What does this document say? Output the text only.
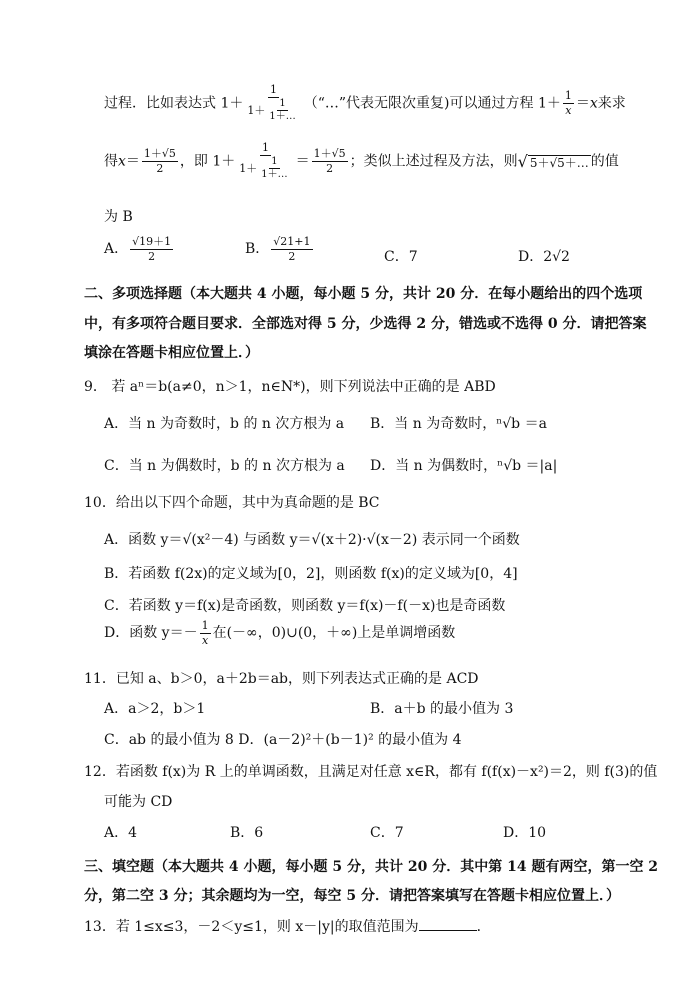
过程．比如表达式 $1+ \frac{1}{1+ \frac{1}{1+\dots}}$ （“…”代表无限次重复)可以通过方程 $1+ \frac{1}{x} =x$来求
得$x= \frac{1+√5}{2}$ ，即 $1+ \frac{1}{1+ \frac{1}{1+\dots}} = \frac{1+√5}{2}$ ；类似上述过程及方法，则√ 5＋√5＋… 的值
为 B
A． $\frac{√19+1}{2}$	B． $\frac{√21+1}{2}$	C．7	D．2√2
二、多项选择题（本大题共 4 小题，每小题 5 分，共计 20 分．在每小题给出的四个选项
中，有多项符合题目要求．全部选对得 5 分，少选得 2 分，错选或不选得 0 分．请把答案
填涂在答题卡相应位置上．）
9． 若 aⁿ＝b(a≠0，n＞1，n∈N*)，则下列说法中正确的是 ABD
A．当 n 为奇数时，b 的 n 次方根为 a B．当 n 为奇数时，ⁿ√b ＝a
C．当 n 为偶数时，b 的 n 次方根为 a D．当 n 为偶数时，ⁿ√b ＝|a|
10．给出以下四个命题，其中为真命题的是 BC
A．函数 y＝√(x²－4) 与函数 y＝√(x＋2)·√(x－2) 表示同一个函数
B．若函数 f(2x)的定义域为[0，2]，则函数 f(x)的定义域为[0，4]
C．若函数 y＝f(x)是奇函数，则函数 y＝f(x)－f(－x)也是奇函数
D．函数 $y=- \frac{1}{x}$ 在(－∞，0)∪(0，＋∞)上是单调增函数
11．已知 a、b＞0，a＋2b＝ab，则下列表达式正确的是 ACD
A．a＞2，b＞1	B．a＋b 的最小值为 3
C．ab 的最小值为 8 D．(a－2)²＋(b－1)² 的最小值为 4
12．若函数 f(x)为 R 上的单调函数，且满足对任意 x∈R，都有 f(f(x)－x²)＝2，则 f(3)的值
可能为 CD
A．4	B．6	C．7	D．10
三、填空题（本大题共 4 小题，每小题 5 分，共计 20 分．其中第 14 题有两空，第一空 2
分，第二空 3 分；其余题均为一空，每空 5 分．请把答案填写在答题卡相应位置上．）
13．若 1≤x≤3，－2＜y≤1，则 x－|y|的取值范围为	．
